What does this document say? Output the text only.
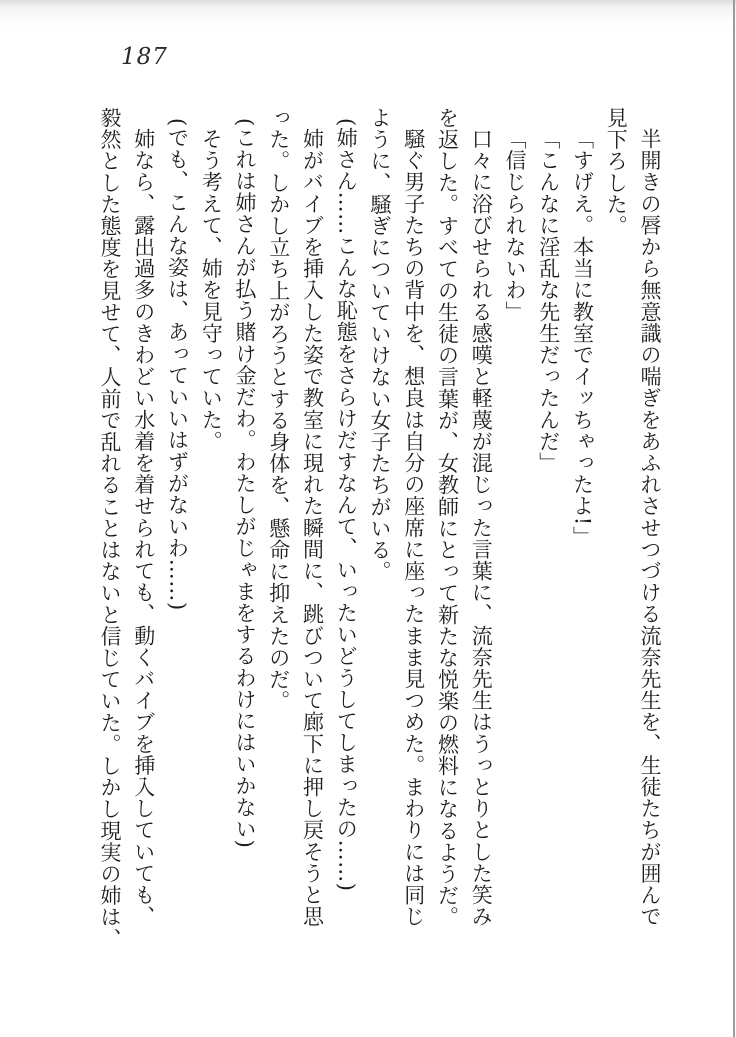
187
半開きの唇から無意識の喘ぎをあふれさせつづける流奈先生を、生徒たちが囲んで
見下ろした。
「すげえ。本当に教室でイッちゃったよ!」
「こんなに淫乱な先生だったんだ」
「信じられないわ」
口々に浴びせられる感嘆と軽蔑が混じった言葉に、流奈先生はうっとりとした笑み
を返した。すべての生徒の言葉が、女教師にとって新たな悦楽の燃料になるようだ。
騒ぐ男子たちの背中を、想良は自分の座席に座ったまま見つめた。まわりには同じ
ように、騒ぎについていけない女子たちがいる。
(姉さん……こんな恥態をさらけだすなんて、いったいどうしてしまったの……)
姉がバイブを挿入した姿で教室に現れた瞬間に、跳びついて廊下に押し戻そうと思
った。しかし立ち上がろうとする身体を、懸命に抑えたのだ。
(これは姉さんが払う賭け金だわ。わたしがじゃまをするわけにはいかない)
そう考えて、姉を見守っていた。
(でも、こんな姿は、あっていいはずがないわ……)
姉なら、露出過多のきわどい水着を着せられても、動くバイブを挿入していても、
毅然とした態度を見せて、人前で乱れることはないと信じていた。しかし現実の姉は、
